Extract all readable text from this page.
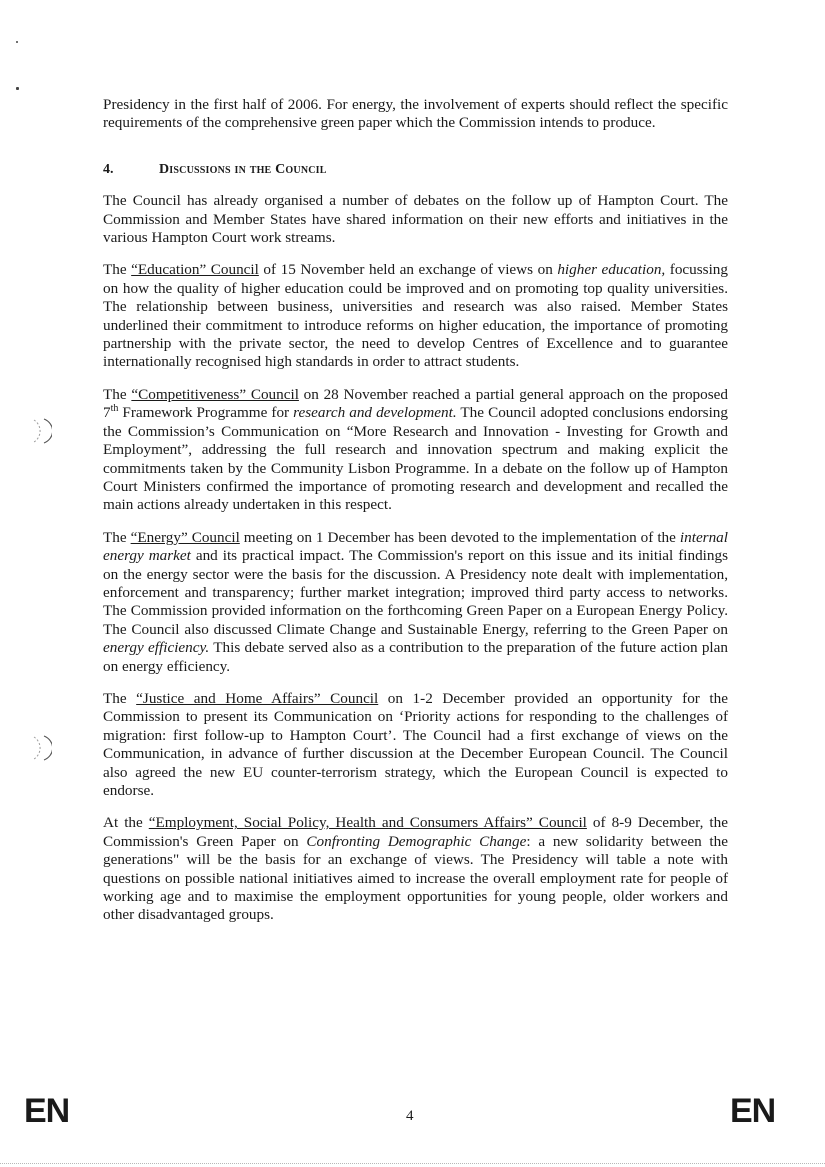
Presidency in the first half of 2006. For energy, the involvement of experts should reflect the specific requirements of the comprehensive green paper which the Commission intends to produce.

4.	Discussions in the Council

The Council has already organised a number of debates on the follow up of Hampton Court. The Commission and Member States have shared information on their new efforts and initiatives in the various Hampton Court work streams.

The “Education” Council of 15 November held an exchange of views on higher education, focussing on how the quality of higher education could be improved and on promoting top quality universities. The relationship between business, universities and research was also raised. Member States underlined their commitment to introduce reforms on higher education, the importance of promoting partnership with the private sector, the need to develop Centres of Excellence and to guarantee internationally recognised high standards in order to attract students.

The “Competitiveness” Council on 28 November reached a partial general approach on the proposed 7th Framework Programme for research and development. The Council adopted conclusions endorsing the Commission’s Communication on “More Research and Innovation - Investing for Growth and Employment”, addressing the full research and innovation spectrum and making explicit the commitments taken by the Community Lisbon Programme. In a debate on the follow up of Hampton Court Ministers confirmed the importance of promoting research and development and recalled the main actions already undertaken in this respect.

The “Energy” Council meeting on 1 December has been devoted to the implementation of the internal energy market and its practical impact. The Commission's report on this issue and its initial findings on the energy sector were the basis for the discussion. A Presidency note dealt with implementation, enforcement and transparency; further market integration; improved third party access to networks. The Commission provided information on the forthcoming Green Paper on a European Energy Policy. The Council also discussed Climate Change and Sustainable Energy, referring to the Green Paper on energy efficiency. This debate served also as a contribution to the preparation of the future action plan on energy efficiency.

The “Justice and Home Affairs” Council on 1-2 December provided an opportunity for the Commission to present its Communication on ‘Priority actions for responding to the challenges of migration: first follow-up to Hampton Court’. The Council had a first exchange of views on the Communication, in advance of further discussion at the December European Council. The Council also agreed the new EU counter-terrorism strategy, which the European Council is expected to endorse.

At the “Employment, Social Policy, Health and Consumers Affairs” Council of 8-9 December, the Commission's Green Paper on Confronting Demographic Change: a new solidarity between the generations" will be the basis for an exchange of views. The Presidency will table a note with questions on possible national initiatives aimed to increase the overall employment rate for people of working age and to maximise the employment opportunities for young people, older workers and other disadvantaged groups.

EN	4	EN
